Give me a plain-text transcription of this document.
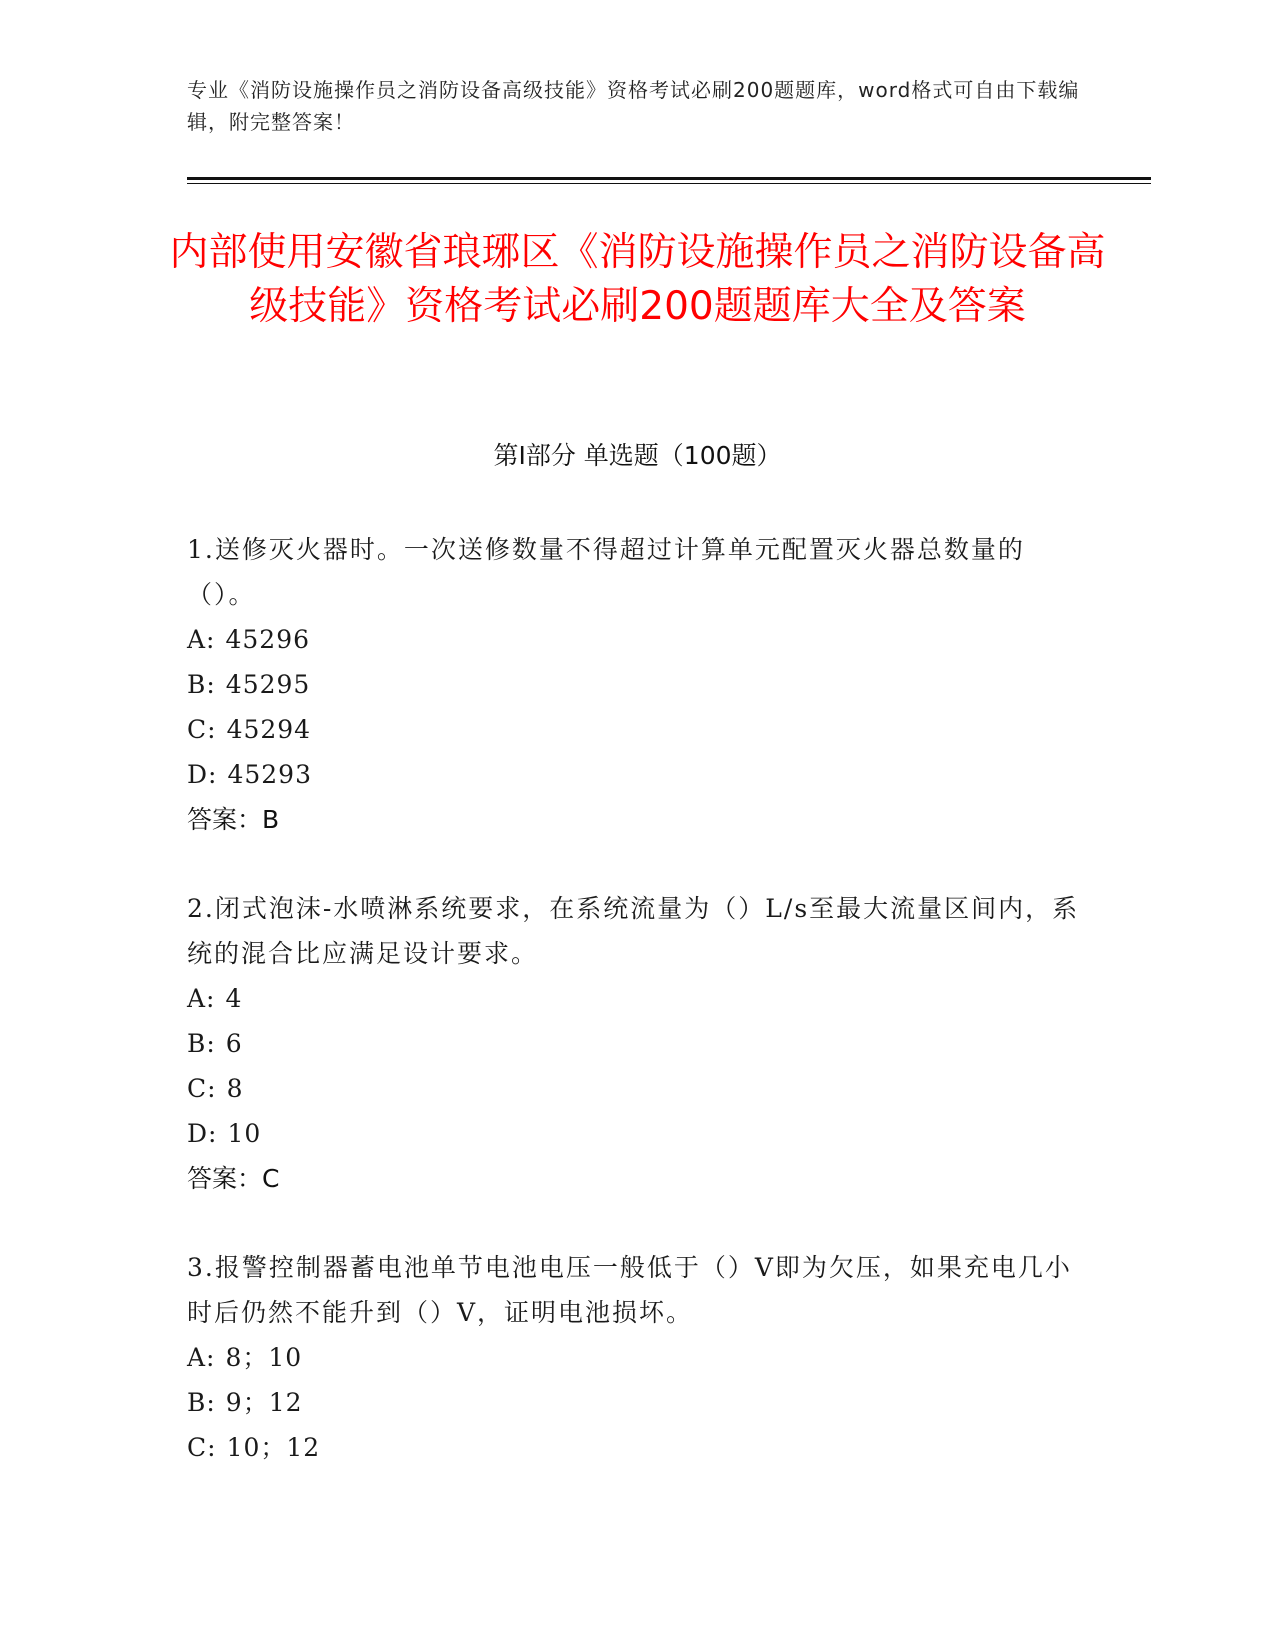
专业《消防设施操作员之消防设备高级技能》资格考试必刷200题题库，word格式可自由下载编辑，附完整答案！
内部使用安徽省琅琊区《消防设施操作员之消防设备高级技能》资格考试必刷200题题库大全及答案
第Ⅰ部分 单选题（100题）
1.送修灭火器时。一次送修数量不得超过计算单元配置灭火器总数量的（）。
A: 45296
B: 45295
C: 45294
D: 45293
答案：B
2.闭式泡沫-水喷淋系统要求，在系统流量为（）L/s至最大流量区间内，系统的混合比应满足设计要求。
A: 4
B: 6
C: 8
D: 10
答案：C
3.报警控制器蓄电池单节电池电压一般低于（）V即为欠压，如果充电几小时后仍然不能升到（）V，证明电池损坏。
A: 8；10
B: 9；12
C: 10；12
